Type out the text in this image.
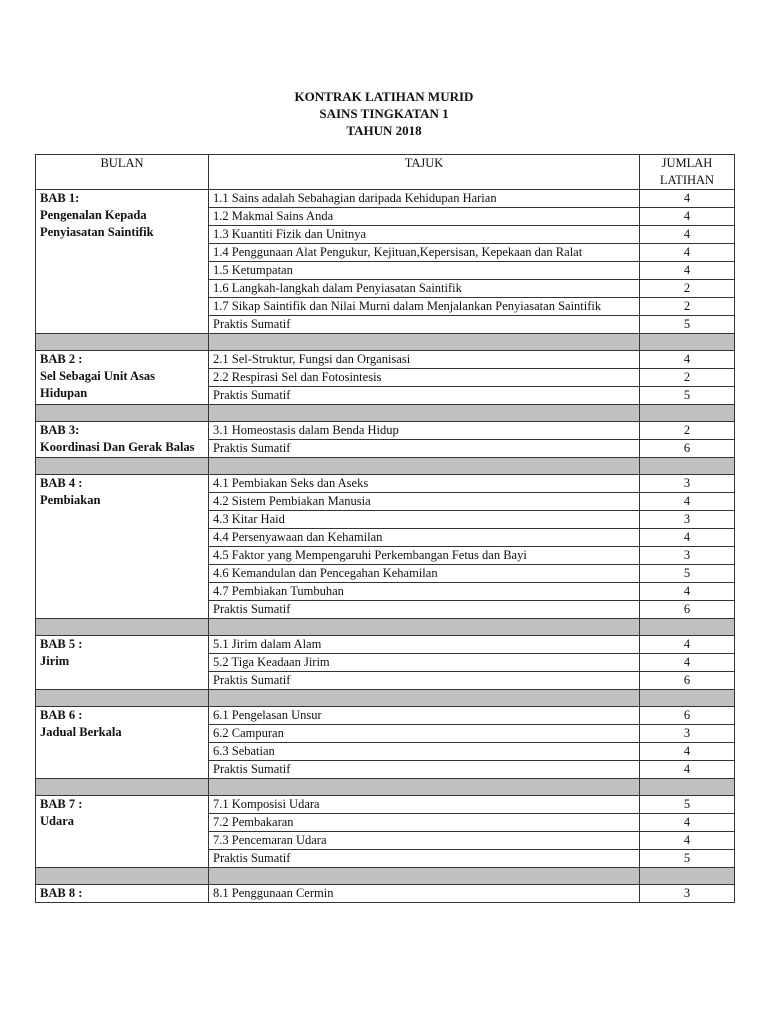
KONTRAK LATIHAN MURID
SAINS TINGKATAN 1
TAHUN 2018
BULAN	TAJUK	JUMLAH
LATIHAN

BAB 1:
Pengenalan Kepada Penyiasatan Saintifik	1.1 Sains adalah Sebahagian daripada Kehidupan Harian	4
	1.2 Makmal Sains Anda	4
	1.3 Kuantiti Fizik dan Unitnya	4
	1.4 Penggunaan Alat Pengukur, Kejituan,Kepersisan, Kepekaan dan Ralat	4
	1.5 Ketumpatan	4
	1.6 Langkah-langkah dalam Penyiasatan Saintifik	2
	1.7 Sikap Saintifik dan Nilai Murni dalam Menjalankan Penyiasatan Saintifik	2
	Praktis Sumatif	5

BAB 2 :
Sel Sebagai Unit Asas Hidupan	2.1 Sel-Struktur, Fungsi dan Organisasi	4
	2.2 Respirasi Sel dan Fotosintesis	2
	Praktis Sumatif	5

BAB 3:
Koordinasi Dan Gerak Balas	3.1 Homeostasis dalam Benda Hidup	2
	Praktis Sumatif	6

BAB 4 :
Pembiakan	4.1 Pembiakan Seks dan Aseks	3
	4.2 Sistem Pembiakan Manusia	4
	4.3 Kitar Haid	3
	4.4 Persenyawaan dan Kehamilan	4
	4.5 Faktor yang Mempengaruhi Perkembangan Fetus dan Bayi	3
	4.6 Kemandulan dan Pencegahan Kehamilan	5
	4.7 Pembiakan Tumbuhan	4
	Praktis Sumatif	6

BAB 5 :
Jirim	5.1 Jirim dalam Alam	4
	5.2 Tiga Keadaan Jirim	4
	Praktis Sumatif	6

BAB 6 :
Jadual Berkala	6.1 Pengelasan Unsur	6
	6.2 Campuran	3
	6.3 Sebatian	4
	Praktis Sumatif	4

BAB 7 :
Udara	7.1 Komposisi Udara	5
	7.2 Pembakaran	4
	7.3 Pencemaran Udara	4
	Praktis Sumatif	5

BAB 8 :	8.1 Penggunaan Cermin	3
